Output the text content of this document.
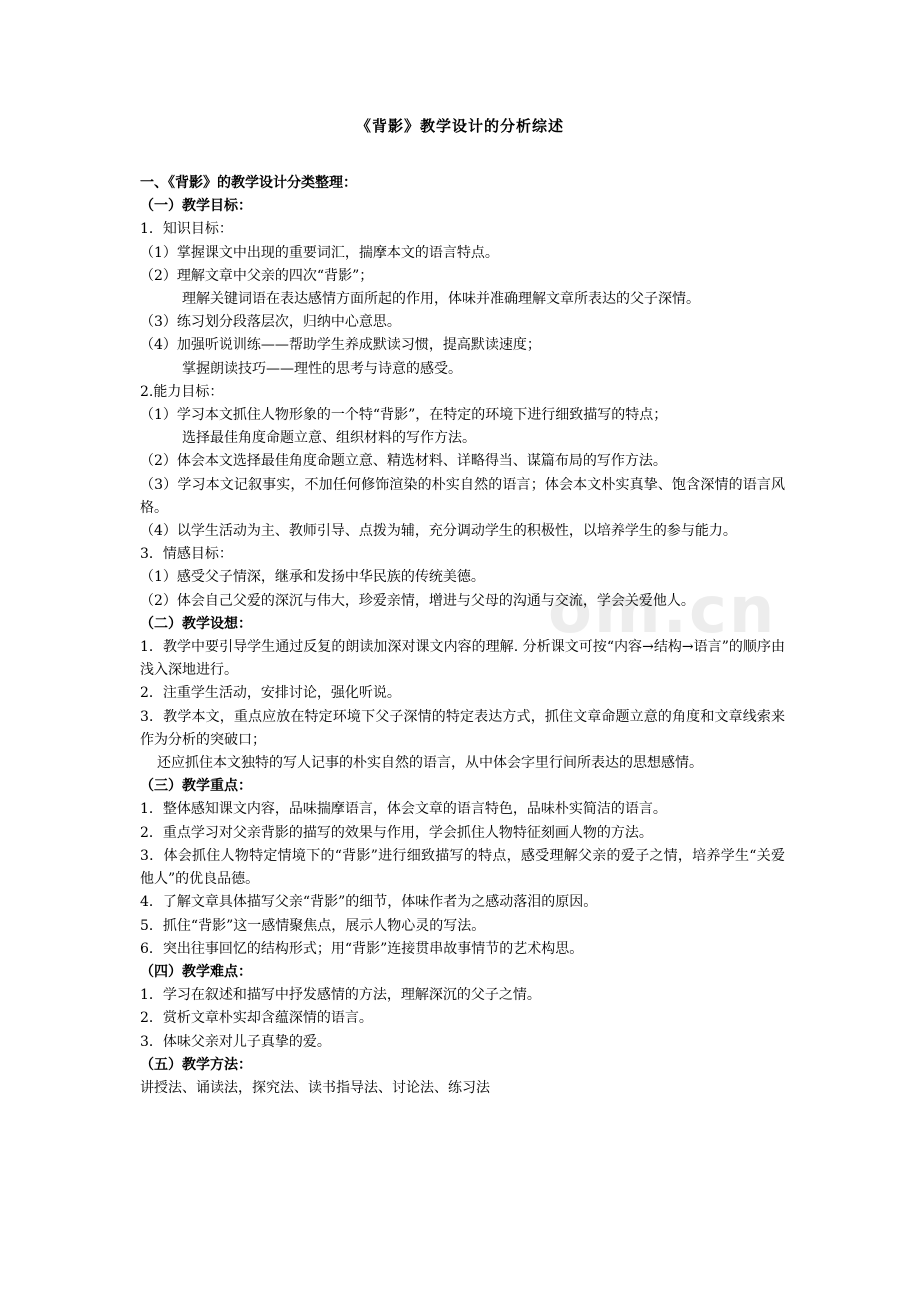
om.cn
《背影》教学设计的分析综述
一、《背影》的教学设计分类整理：
（一）教学目标：
1．知识目标：
（1）掌握课文中出现的重要词汇，揣摩本文的语言特点。
（2）理解文章中父亲的四次“背影”；
理解关键词语在表达感情方面所起的作用，体味并准确理解文章所表达的父子深情。
（3）练习划分段落层次，归纳中心意思。
（4）加强听说训练——帮助学生养成默读习惯，提高默读速度；
掌握朗读技巧——理性的思考与诗意的感受。
2.能力目标：
（1）学习本文抓住人物形象的一个特“背影”，在特定的环境下进行细致描写的特点；
选择最佳角度命题立意、组织材料的写作方法。
（2）体会本文选择最佳角度命题立意、精选材料、详略得当、谋篇布局的写作方法。
（3）学习本文记叙事实，不加任何修饰渲染的朴实自然的语言；体会本文朴实真挚、饱含深情的语言风格。
（4）以学生活动为主、教师引导、点拨为辅，充分调动学生的积极性，以培养学生的参与能力。
3．情感目标：
（1）感受父子情深，继承和发扬中华民族的传统美德。
（2）体会自己父爱的深沉与伟大，珍爱亲情，增进与父母的沟通与交流，学会关爱他人。
（二）教学设想：
1．教学中要引导学生通过反复的朗读加深对课文内容的理解. 分析课文可按“内容→结构→语言”的顺序由浅入深地进行。
2．注重学生活动，安排讨论，强化听说。
3．教学本文，重点应放在特定环境下父子深情的特定表达方式，抓住文章命题立意的角度和文章线索来作为分析的突破口；
还应抓住本文独特的写人记事的朴实自然的语言，从中体会字里行间所表达的思想感情。
（三）教学重点：
1．整体感知课文内容，品味揣摩语言，体会文章的语言特色，品味朴实简洁的语言。
2．重点学习对父亲背影的描写的效果与作用，学会抓住人物特征刻画人物的方法。
3．体会抓住人物特定情境下的“背影”进行细致描写的特点，感受理解父亲的爱子之情，培养学生“关爱他人”的优良品德。
4．了解文章具体描写父亲“背影”的细节，体味作者为之感动落泪的原因。
5．抓住“背影”这一感情聚焦点，展示人物心灵的写法。
6．突出往事回忆的结构形式；用“背影”连接贯串故事情节的艺术构思。
（四）教学难点：
1．学习在叙述和描写中抒发感情的方法，理解深沉的父子之情。
2．赏析文章朴实却含蕴深情的语言。
3．体味父亲对儿子真挚的爱。
（五）教学方法：
讲授法、诵读法，探究法、读书指导法、讨论法、练习法
